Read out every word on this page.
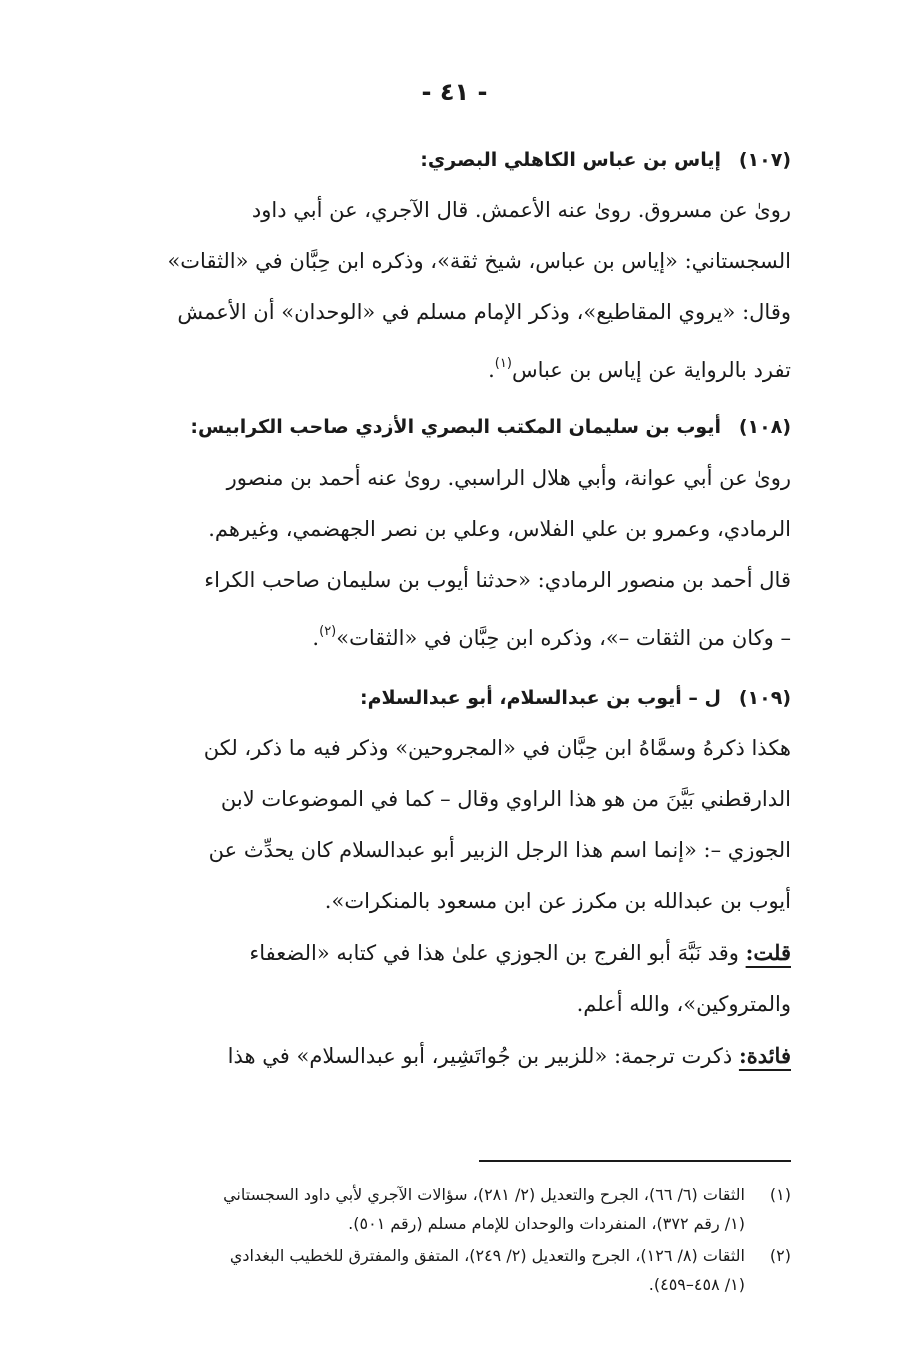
- ٤١ -
(١٠٧)
إياس بن عباس الكاهلي البصري:
رویٰ عن مسروق. روىٰ عنه الأعمش. قال الآجري، عن أبي داود
السجستاني: «إياس بن عباس، شيخ ثقة»، وذكره ابن حِبَّان في «الثقات»
وقال: «يروي المقاطيع»، وذكر الإمام مسلم في «الوحدان» أن الأعمش
تفرد بالرواية عن إياس بن عباس$^{(١)}$.
(١٠٨)
أيوب بن سليمان المكتب البصري الأزدي صاحب الكرابيس:
روىٰ عن أبي عوانة، وأبي هلال الراسبي. روىٰ عنه أحمد بن منصور
الرمادي، وعمرو بن علي الفلاس، وعلي بن نصر الجهضمي، وغيرهم.
قال أحمد بن منصور الرمادي: «حدثنا أيوب بن سليمان صاحب الكراء
– وكان من الثقات –»، وذكره ابن حِبَّان في «الثقات»$^{(٢)}$.
(١٠٩)
ل – أيوب بن عبدالسلام، أبو عبدالسلام:
هكذا ذكرهُ وسمَّاهُ ابن حِبَّان في «المجروحين» وذكر فيه ما ذكر، لكن
الدارقطني بَيَّنَ من هو هذا الراوي وقال – كما في الموضوعات لابن
الجوزي –: «إنما اسم هذا الرجل الزبير أبو عبدالسلام كان يحدِّث عن
أيوب بن عبدالله بن مكرز عن ابن مسعود بالمنكرات».
قلت: وقد نَبَّهَ أبو الفرج بن الجوزي علىٰ هذا في كتابه «الضعفاء
والمتروكين»، والله أعلم.
فائدة: ذكرت ترجمة: «للزبير بن جُواتَشِير، أبو عبدالسلام» في هذا
(١)
الثقات (٦/ ٦٦)، الجرح والتعديل (٢/ ٢٨١)، سؤالات الآجري لأبي داود السجستاني
(١/ رقم ٣٧٢)، المنفردات والوحدان للإمام مسلم (رقم ٥٠١).
(٢)
الثقات (٨/ ١٢٦)، الجرح والتعديل (٢/ ٢٤٩)، المتفق والمفترق للخطيب البغدادي
(١/ ٤٥٨–٤٥٩).
